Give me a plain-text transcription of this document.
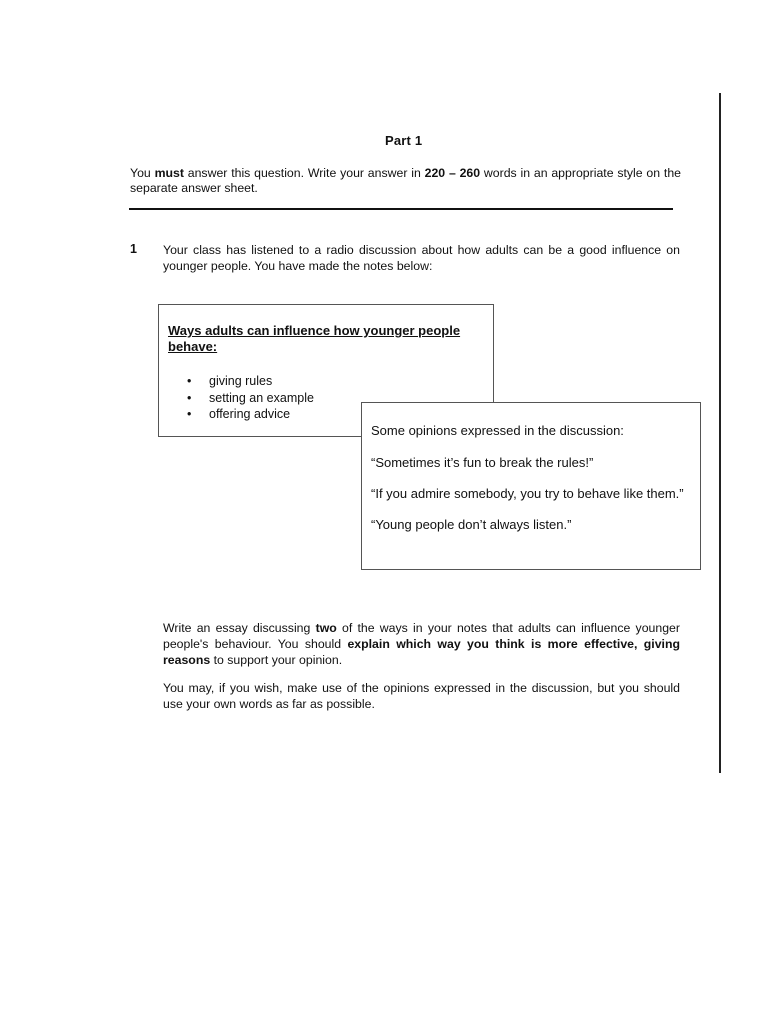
Part 1
You must answer this question. Write your answer in 220 – 260 words in an appropriate style on the separate answer sheet.
1 Your class has listened to a radio discussion about how adults can be a good influence on younger people. You have made the notes below:
Ways adults can influence how younger people behave:
• giving rules
• setting an example
• offering advice
Some opinions expressed in the discussion:
“Sometimes it’s fun to break the rules!”
“If you admire somebody, you try to behave like them.”
“Young people don’t always listen.”
Write an essay discussing two of the ways in your notes that adults can influence younger people's behaviour. You should explain which way you think is more effective, giving reasons to support your opinion.
You may, if you wish, make use of the opinions expressed in the discussion, but you should use your own words as far as possible.
